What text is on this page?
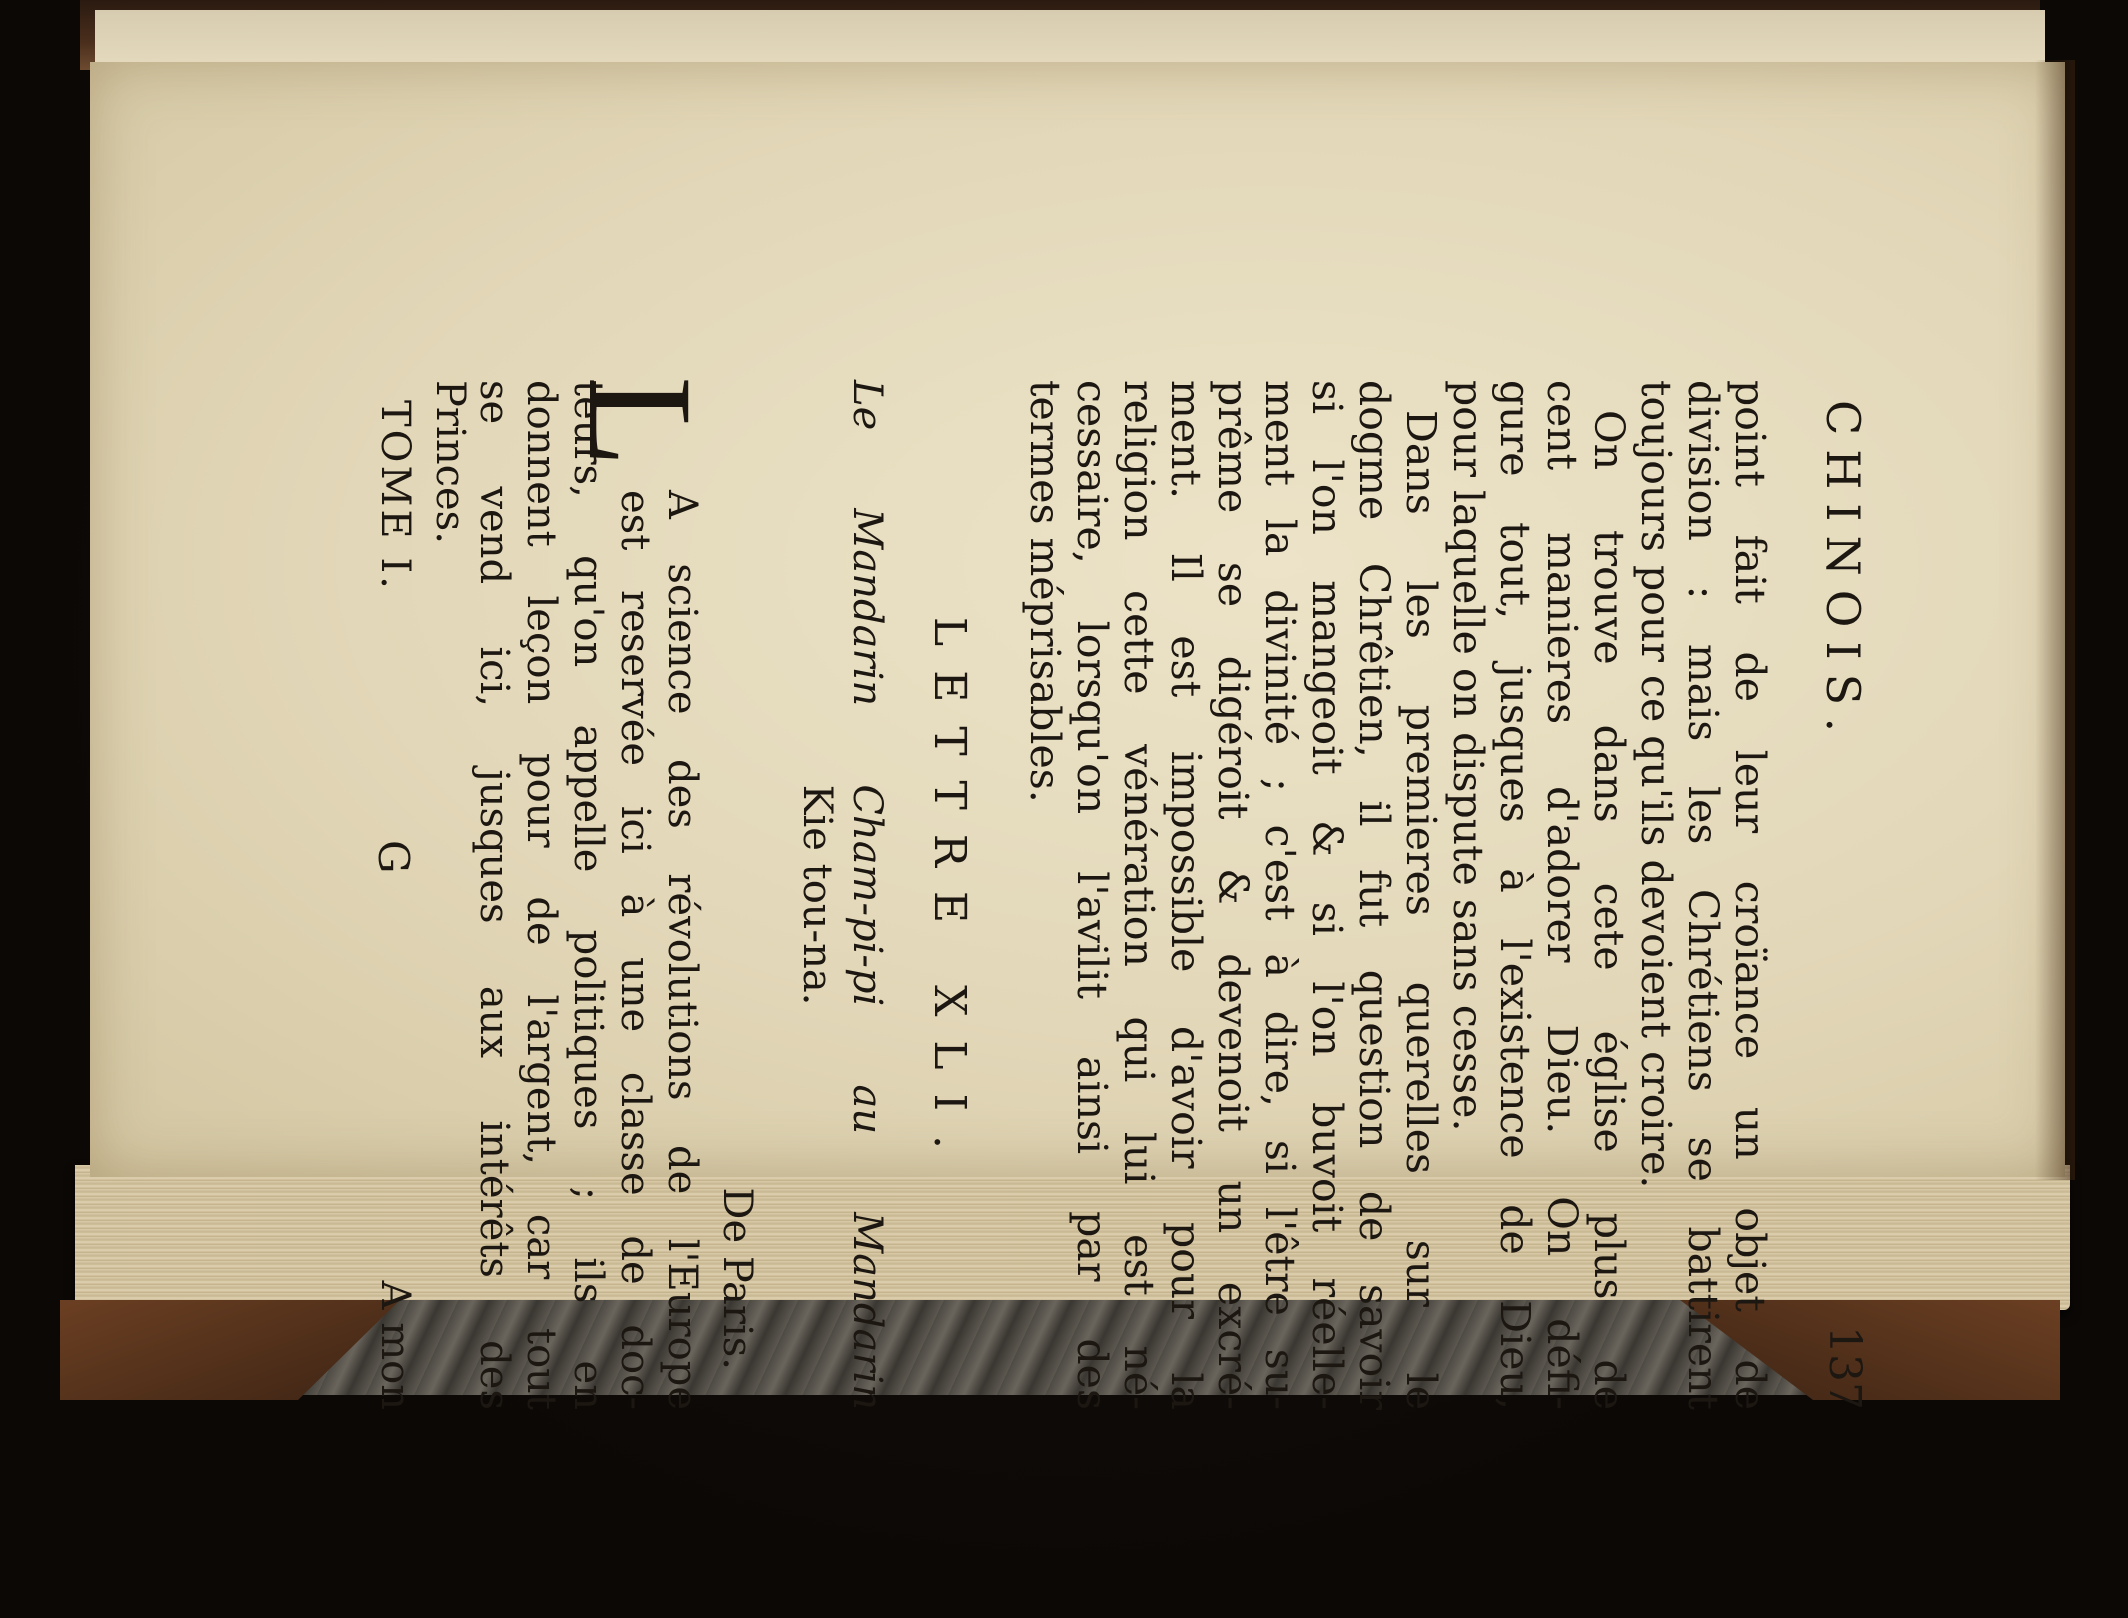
CHINOIS.
137
point fait de leur croïance un objet de
division : mais les Chrétiens se battirent
toujours pour ce qu'ils devoient croire.
On trouve dans cete église plus de
cent manieres d'adorer Dieu. On défi-
gure tout, jusques à l'existence de Dieu,
pour laquelle on dispute sans cesse.
Dans les premieres querelles sur le
dogme Chrêtien, il fut question de savoir
si l'on mangeoit & si l'on buvoit réelle-
ment la divinité ; c'est à dire, si l'être su-
prême se digéroit & devenoit un excré-
ment. Il est impossible d'avoir pour la
religion cette vénération qui lui est né-
cessaire, lorsqu'on l'avilit ainsi par des
termes méprisables.
LETTRE XLI.
Le Mandarin Cham-pi-pi au Mandarin
Kie tou-na.
De Paris.
L
A science des révolutions de l'Europe
est reservée ici à une classe de doc-
teurs, qu'on appelle politiques ; ils en
donnent leçon pour de l'argent, car tout
se vend ici, jusques aux intérêts des
Princes.
TOME I.
G
A mon
